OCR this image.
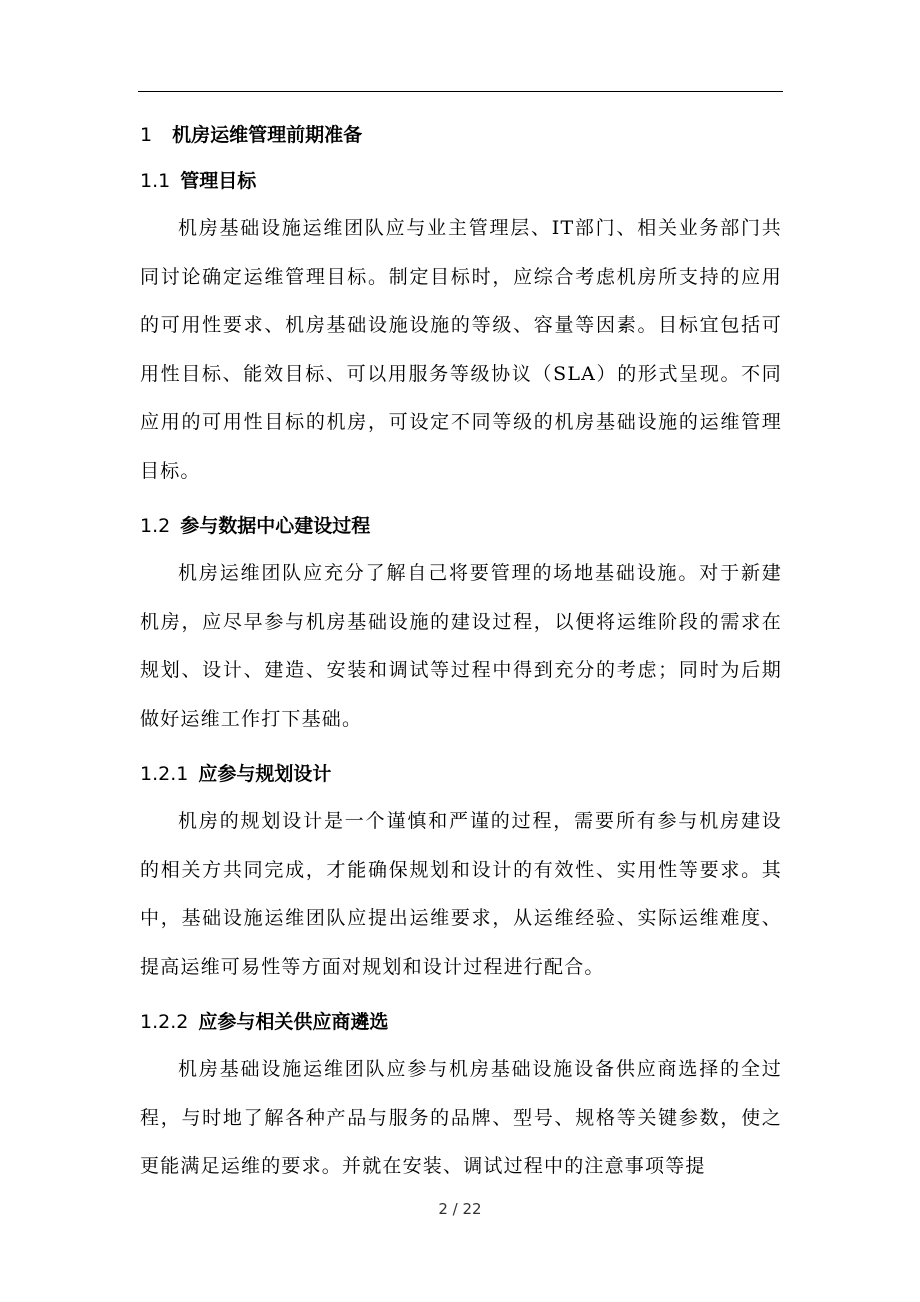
1 机房运维管理前期准备
1.1 管理目标

机房基础设施运维团队应与业主管理层、IT部门、相关业务部门共同讨论确定运维管理目标。制定目标时，应综合考虑机房所支持的应用的可用性要求、机房基础设施设施的等级、容量等因素。目标宜包括可用性目标、能效目标、可以用服务等级协议（SLA）的形式呈现。不同应用的可用性目标的机房，可设定不同等级的机房基础设施的运维管理目标。

1.2 参与数据中心建设过程

机房运维团队应充分了解自己将要管理的场地基础设施。对于新建机房，应尽早参与机房基础设施的建设过程，以便将运维阶段的需求在规划、设计、建造、安装和调试等过程中得到充分的考虑；同时为后期做好运维工作打下基础。

1.2.1 应参与规划设计

机房的规划设计是一个谨慎和严谨的过程，需要所有参与机房建设的相关方共同完成，才能确保规划和设计的有效性、实用性等要求。其中，基础设施运维团队应提出运维要求，从运维经验、实际运维难度、提高运维可易性等方面对规划和设计过程进行配合。

1.2.2 应参与相关供应商遴选

机房基础设施运维团队应参与机房基础设施设备供应商选择的全过程，与时地了解各种产品与服务的品牌、型号、规格等关键参数，使之更能满足运维的要求。并就在安装、调试过程中的注意事项等提

2 / 22
